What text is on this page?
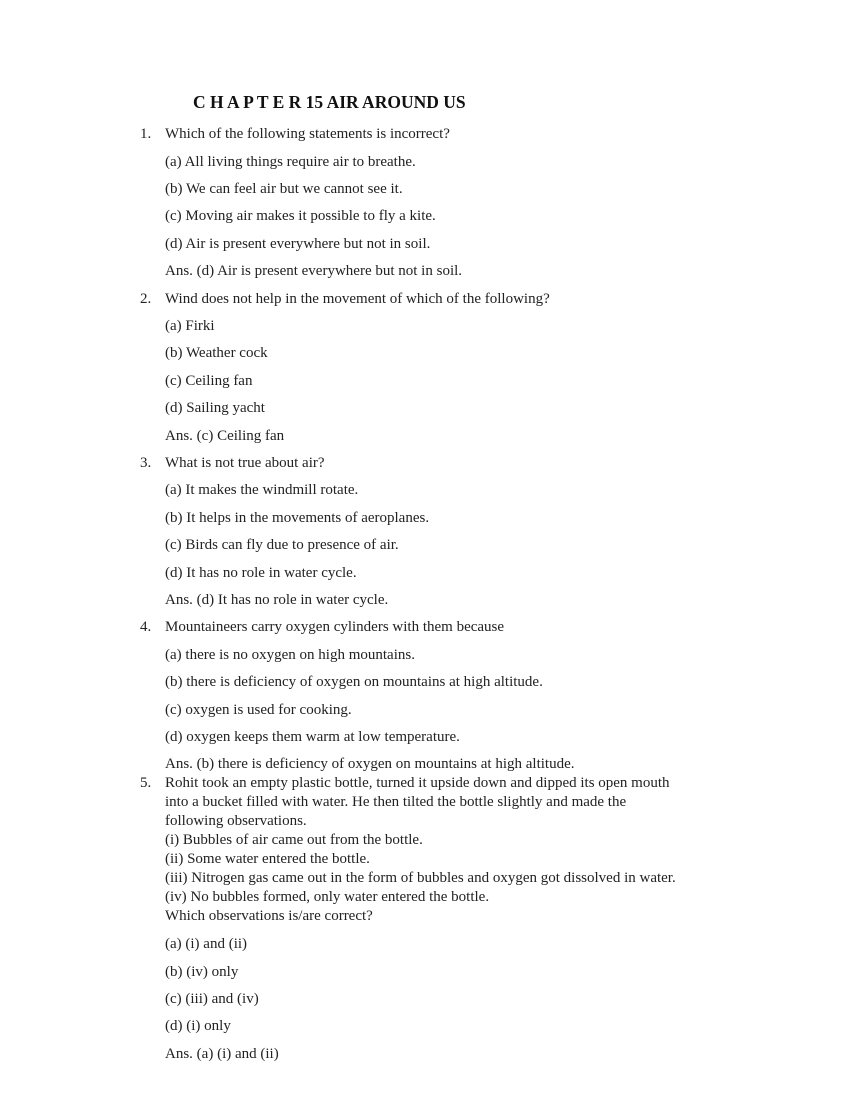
C H A P T E R 15 AIR AROUND US
1. Which of the following statements is incorrect?
(a) All living things require air to breathe.
(b) We can feel air but we cannot see it.
(c) Moving air makes it possible to fly a kite.
(d) Air is present everywhere but not in soil.
Ans. (d) Air is present everywhere but not in soil.
2. Wind does not help in the movement of which of the following?
(a) Firki
(b) Weather cock
(c) Ceiling fan
(d) Sailing yacht
Ans. (c) Ceiling fan
3. What is not true about air?
(a) It makes the windmill rotate.
(b) It helps in the movements of aeroplanes.
(c) Birds can fly due to presence of air.
(d) It has no role in water cycle.
Ans. (d) It has no role in water cycle.
4. Mountaineers carry oxygen cylinders with them because
(a) there is no oxygen on high mountains.
(b) there is deficiency of oxygen on mountains at high altitude.
(c) oxygen is used for cooking.
(d) oxygen keeps them warm at low temperature.
Ans. (b) there is deficiency of oxygen on mountains at high altitude.
5. Rohit took an empty plastic bottle, turned it upside down and dipped its open mouth
into a bucket filled with water. He then tilted the bottle slightly and made the
following observations.
(i) Bubbles of air came out from the bottle.
(ii) Some water entered the bottle.
(iii) Nitrogen gas came out in the form of bubbles and oxygen got dissolved in water.
(iv) No bubbles formed, only water entered the bottle.
Which observations is/are correct?
(a) (i) and (ii)
(b) (iv) only
(c) (iii) and (iv)
(d) (i) only
Ans. (a) (i) and (ii)
